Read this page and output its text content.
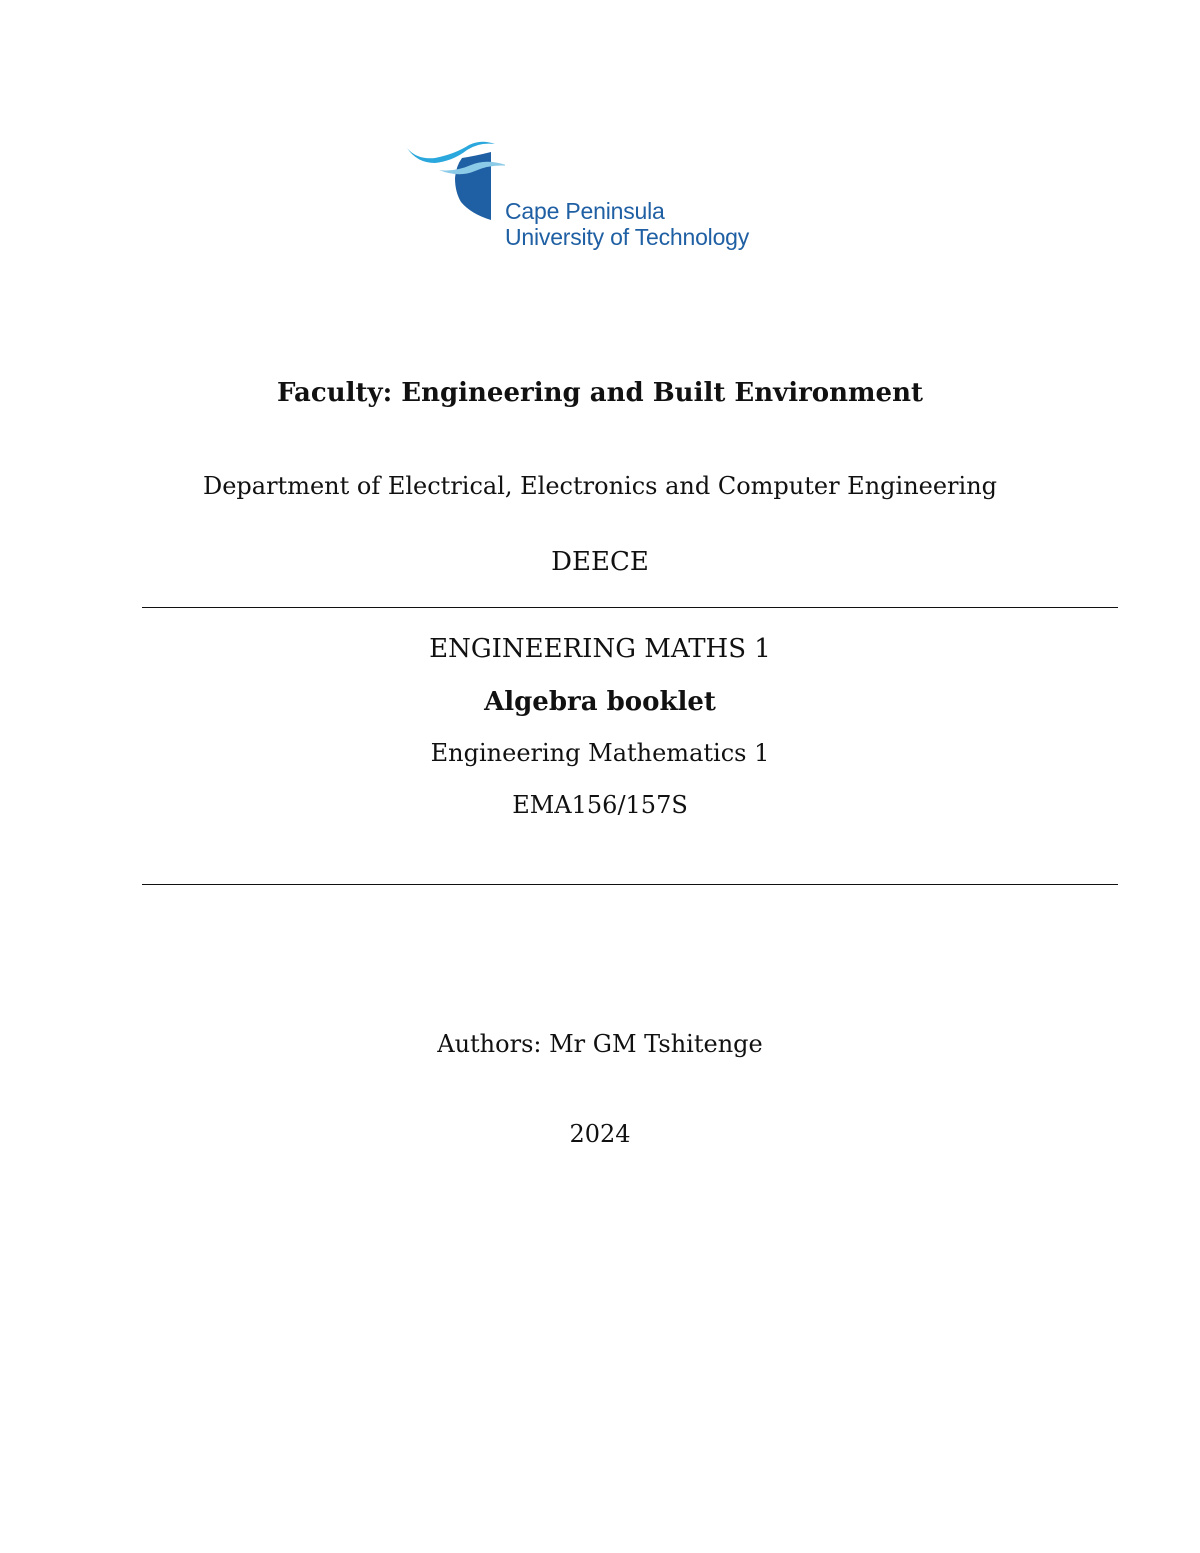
Cape Peninsula
University of Technology
Faculty: Engineering and Built Environment
Department of Electrical, Electronics and Computer Engineering
DEECE
ENGINEERING MATHS 1
Algebra booklet
Engineering Mathematics 1
EMA156/157S
Authors: Mr GM Tshitenge
2024
